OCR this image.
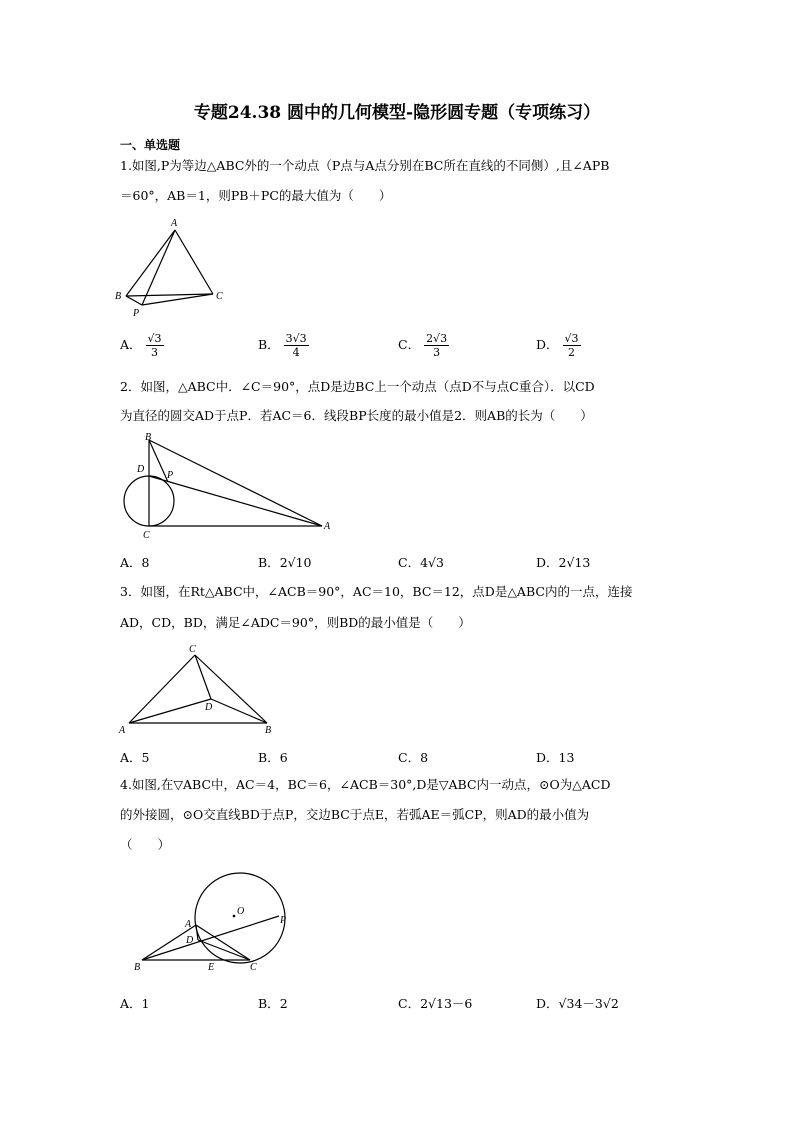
专题24.38 圆中的几何模型-隐形圆专题（专项练习）
一、单选题
1.如图,P为等边△ABC外的一个动点（P点与A点分别在BC所在直线的不同侧）,且∠APB
＝60°，AB＝1，则PB＋PC的最大值为（　　）
A
B	C
P
A． $\frac{√3}{3}$	B． $\frac{3√3}{4}$	C． $\frac{2√3}{3}$	D． $\frac{√3}{2}$
2．如图，△ABC中．∠C＝90°，点D是边BC上一个动点（点D不与点C重合）．以CD
为直径的圆交AD于点P．若AC＝6．线段BP长度的最小值是2．则AB的长为（　　）
B
D
P
C
A
A．8	B．2√10	C．4√3	D．2√13
3．如图，在Rt△ABC中，∠ACB＝90°，AC＝10，BC＝12，点D是△ABC内的一点，连接
AD，CD，BD，满足∠ADC＝90°，则BD的最小值是（　　）
C
D
A	B
A．5	B．6	C．8	D．13
4.如图,在▽ABC中，AC＝4，BC＝6，∠ACB＝30°,D是▽ABC内一动点，⊙O为△ACD
的外接圆，⊙O交直线BD于点P，交边BC于点E，若弧AE＝弧CP，则AD的最小值为
（　　）
O
P
A
D
B	E	C
A．1	B．2	C．2√13－6	D．√34－3√2
